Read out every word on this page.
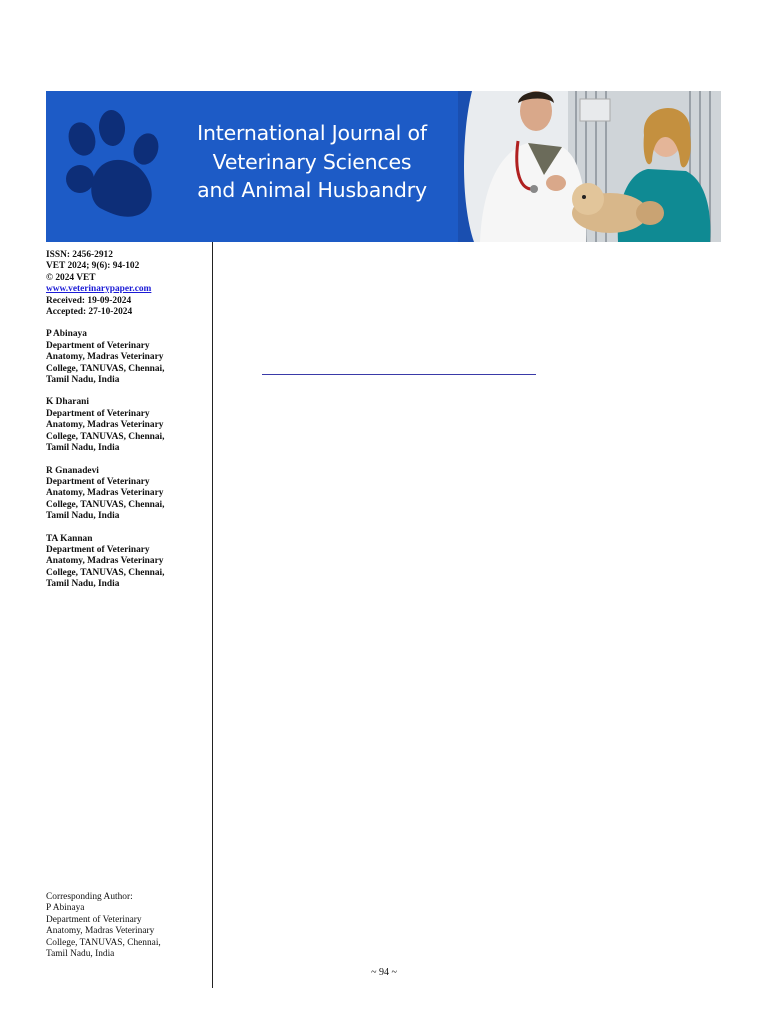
International Journal of
Veterinary Sciences
and Animal Husbandry
ISSN: 2456-2912
VET 2024; 9(6): 94-102
© 2024 VET
www.veterinarypaper.com
Received: 19-09-2024
Accepted: 27-10-2024
P Abinaya
Department of Veterinary
Anatomy, Madras Veterinary
College, TANUVAS, Chennai,
Tamil Nadu, India
K Dharani
Department of Veterinary
Anatomy, Madras Veterinary
College, TANUVAS, Chennai,
Tamil Nadu, India
R Gnanadevi
Department of Veterinary
Anatomy, Madras Veterinary
College, TANUVAS, Chennai,
Tamil Nadu, India
TA Kannan
Department of Veterinary
Anatomy, Madras Veterinary
College, TANUVAS, Chennai,
Tamil Nadu, India
Corresponding Author:
P Abinaya
Department of Veterinary
Anatomy, Madras Veterinary
College, TANUVAS, Chennai,
Tamil Nadu, India
~ 94 ~
